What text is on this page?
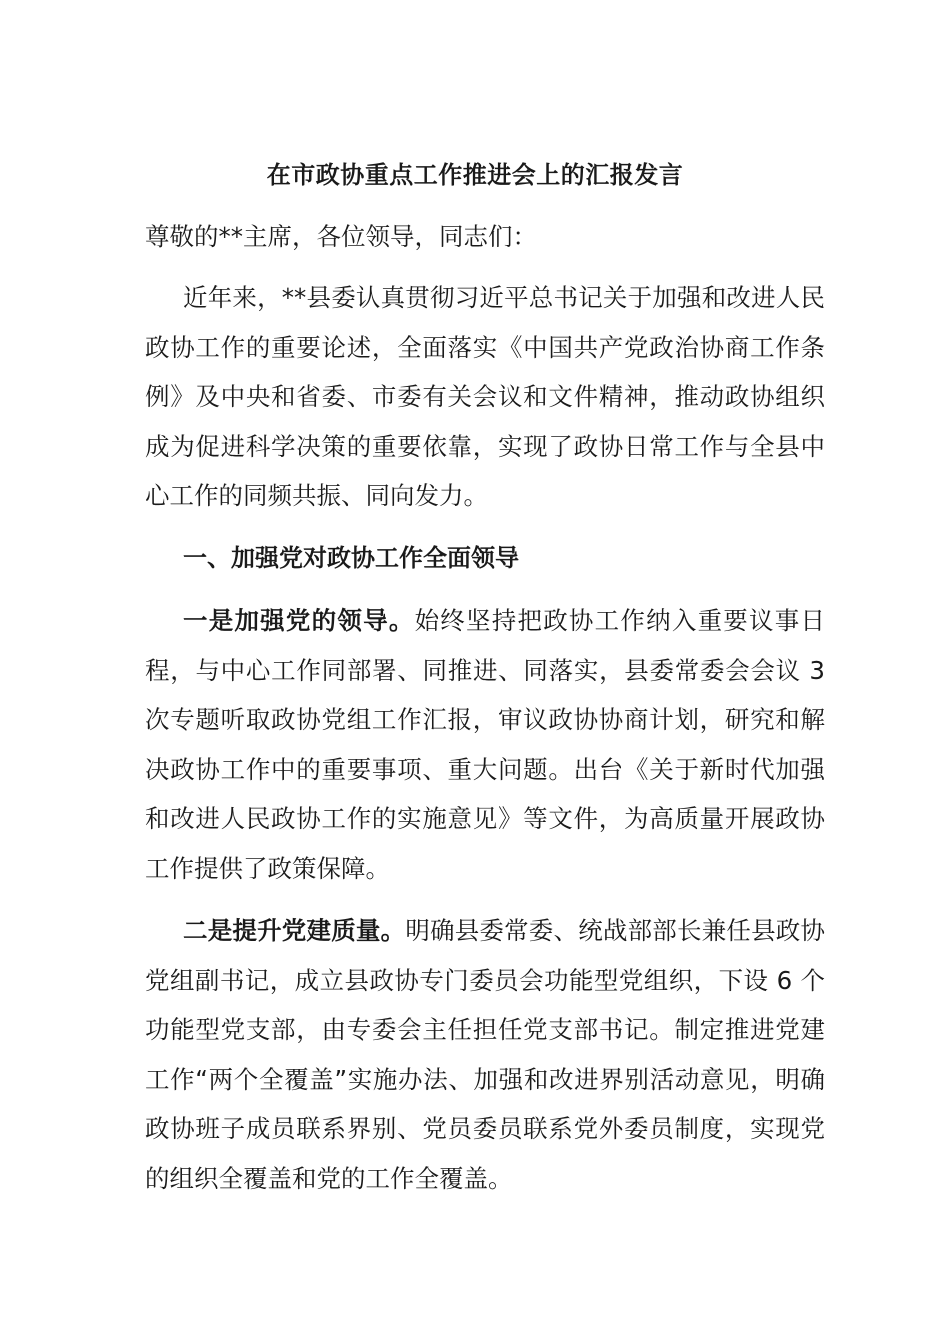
在市政协重点工作推进会上的汇报发言

尊敬的**主席，各位领导，同志们：

近年来，**县委认真贯彻习近平总书记关于加强和改进人民政协工作的重要论述，全面落实《中国共产党政治协商工作条例》及中央和省委、市委有关会议和文件精神，推动政协组织成为促进科学决策的重要依靠，实现了政协日常工作与全县中心工作的同频共振、同向发力。

一、加强党对政协工作全面领导

一是加强党的领导。始终坚持把政协工作纳入重要议事日程，与中心工作同部署、同推进、同落实，县委常委会会议 3 次专题听取政协党组工作汇报，审议政协协商计划，研究和解决政协工作中的重要事项、重大问题。出台《关于新时代加强和改进人民政协工作的实施意见》等文件，为高质量开展政协工作提供了政策保障。

二是提升党建质量。明确县委常委、统战部部长兼任县政协党组副书记，成立县政协专门委员会功能型党组织，下设 6 个功能型党支部，由专委会主任担任党支部书记。制定推进党建工作“两个全覆盖”实施办法、加强和改进界别活动意见，明确政协班子成员联系界别、党员委员联系党外委员制度，实现党的组织全覆盖和党的工作全覆盖。
